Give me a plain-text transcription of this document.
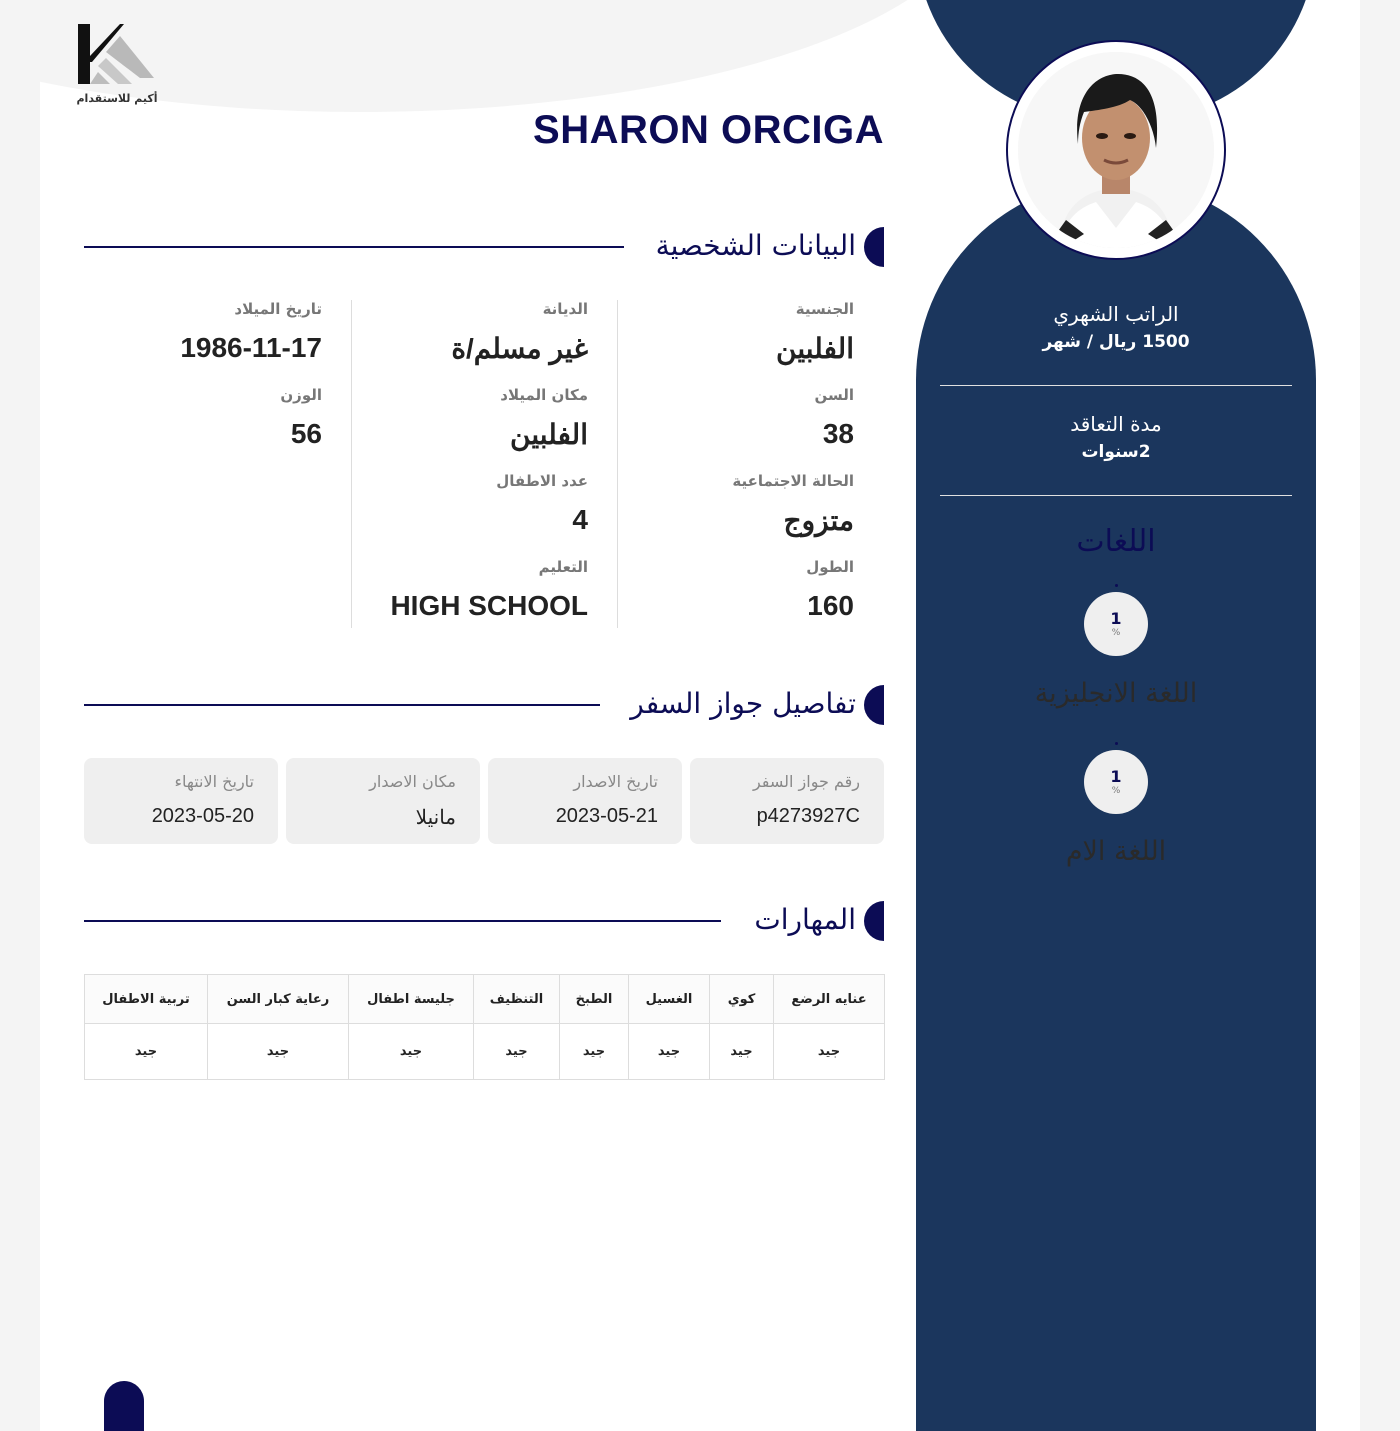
أكيم للاستقدام
SHARON ORCIGA
البيانات الشخصية
الجنسية
الفلبين
السن
38
الحالة الاجتماعية
متزوج
الطول
160
الديانة
غير مسلم/ة
مكان الميلاد
الفلبين
عدد الاطفال
4
التعليم
HIGH SCHOOL
تاريخ الميلاد
1986-11-17
الوزن
56
تفاصيل جواز السفر
رقم جواز السفر
p4273927C
تاريخ الاصدار
2023-05-21
مكان الاصدار
مانيلا
تاريخ الانتهاء
2023-05-20
المهارات
عنايه الرضع	كوي	الغسيل	الطبخ	التنظيف	جليسة اطفال	رعاية كبار السن	تربية الاطفال
جيد	جيد	جيد	جيد	جيد	جيد	جيد	جيد
الراتب الشهري
1500 ريال / شهر
مدة التعاقد
2سنوات
اللغات
1
%
اللغة الانجليزية
1
%
اللغة الام
